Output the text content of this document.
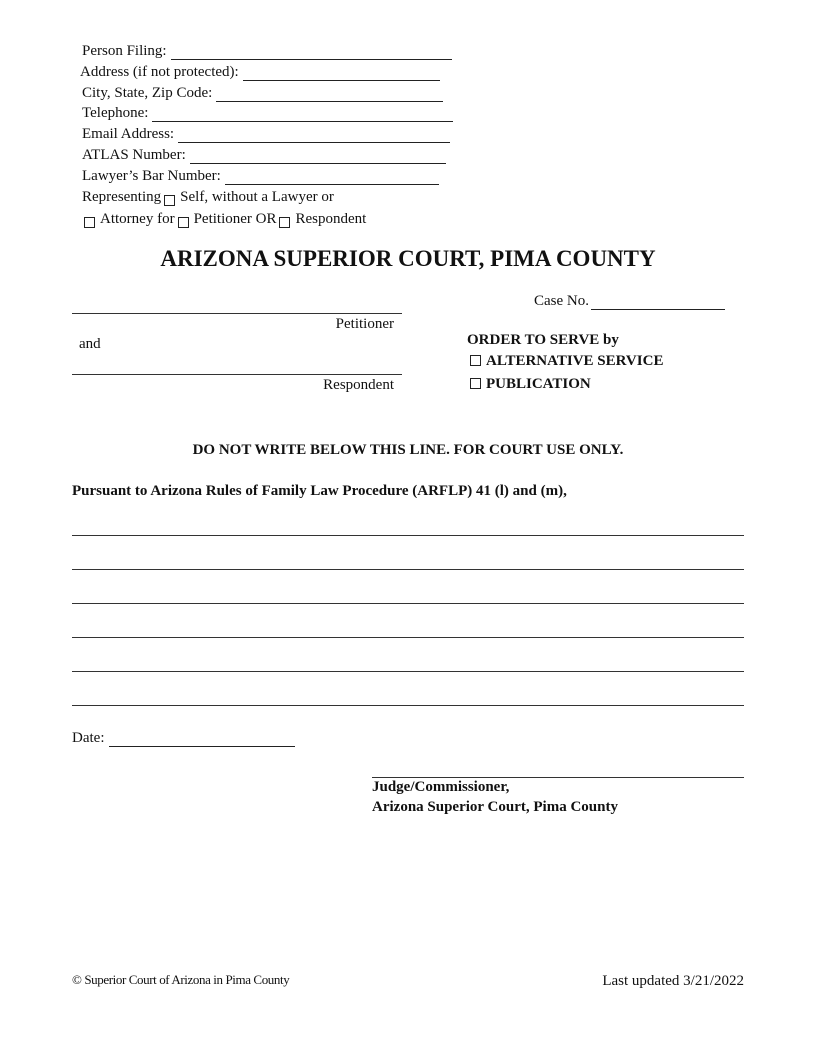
Person Filing:
Address (if not protected):
City, State, Zip Code:
Telephone:
Email Address:
ATLAS Number:
Lawyer’s Bar Number:
Representing Self, without a Lawyer or
Attorney for Petitioner OR Respondent
ARIZONA SUPERIOR COURT, PIMA COUNTY
Petitioner
and
Respondent
Case No.
ORDER TO SERVE by
ALTERNATIVE SERVICE
PUBLICATION
DO NOT WRITE BELOW THIS LINE. FOR COURT USE ONLY.
Pursuant to Arizona Rules of Family Law Procedure (ARFLP) 41 (l) and (m),
Date:
Judge/Commissioner,
Arizona Superior Court, Pima County
© Superior Court of Arizona in Pima County	Last updated 3/21/2022
